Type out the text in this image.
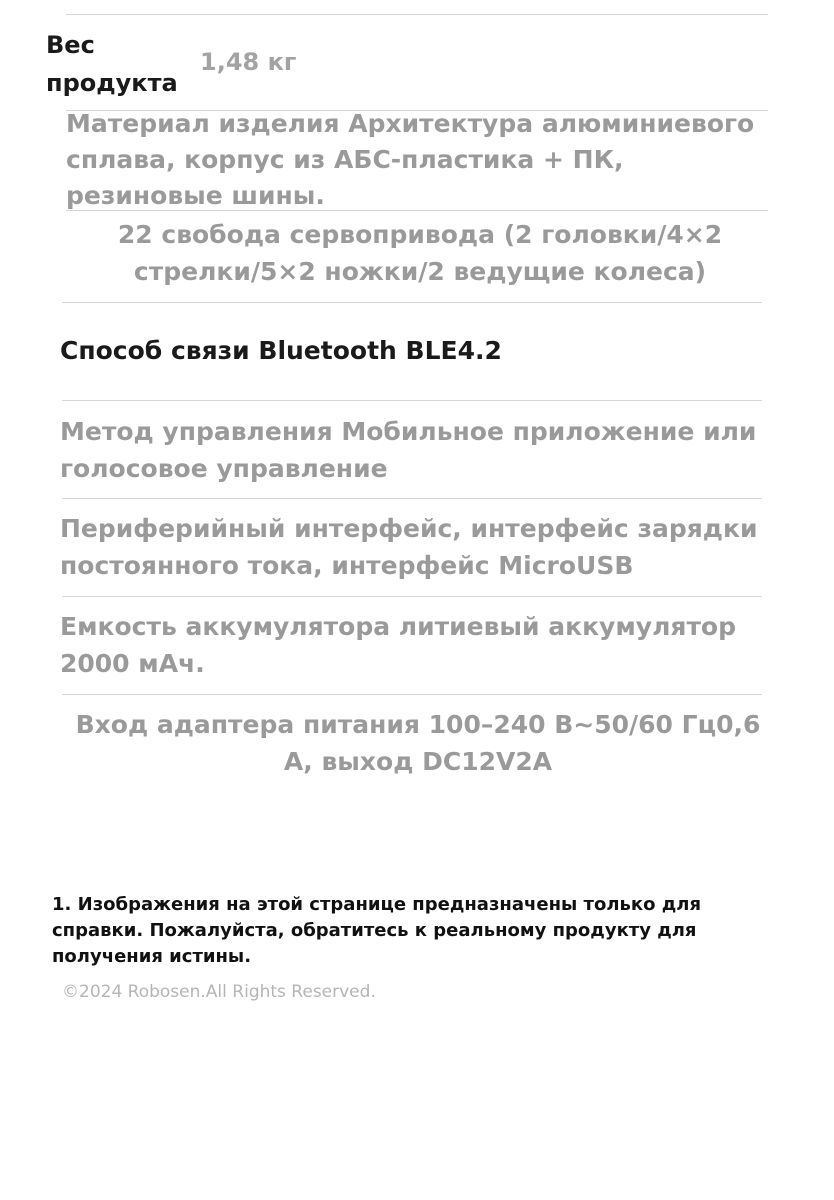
Вес продукта

1,48 кг

Материал изделия Архитектура алюминиевого сплава, корпус из АБС-пластика + ПК, резиновые шины.

22 свобода сервопривода (2 головки/4×2 стрелки/5×2 ножки/2 ведущие колеса)

Способ связи Bluetooth BLE4.2

Метод управления Мобильное приложение или голосовое управление

Периферийный интерфейс, интерфейс зарядки постоянного тока, интерфейс MicroUSB

Емкость аккумулятора литиевый аккумулятор 2000 мАч.

Вход адаптера питания 100–240 В~50/60 Гц0,6 А, выход DC12V2A

1. Изображения на этой странице предназначены только для справки. Пожалуйста, обратитесь к реальному продукту для получения истины.

©2024 Robosen.All Rights Reserved.
